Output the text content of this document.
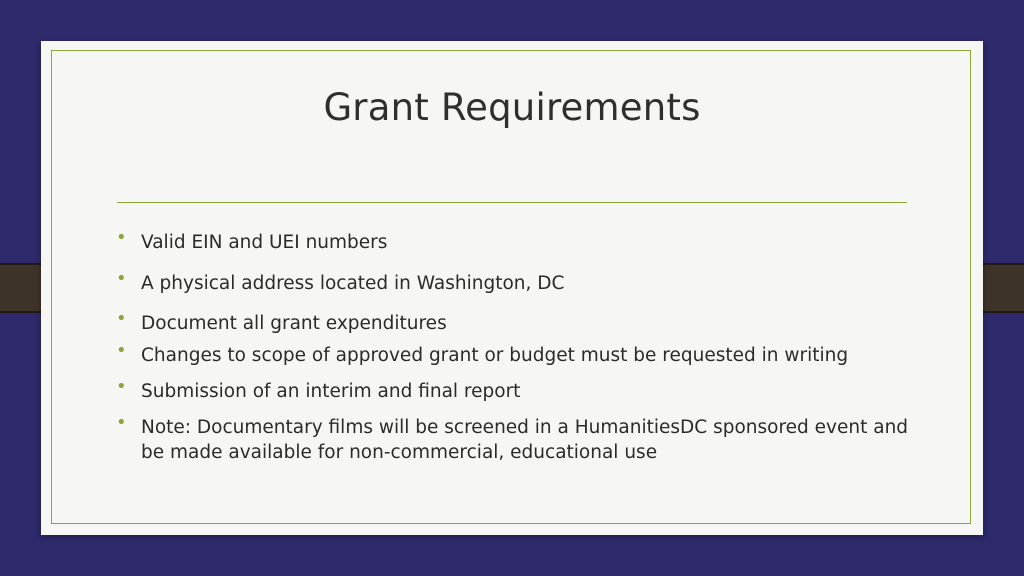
Grant Requirements
• Valid EIN and UEI numbers
• A physical address located in Washington, DC
• Document all grant expenditures
• Changes to scope of approved grant or budget must be requested in writing
• Submission of an interim and final report
• Note: Documentary films will be screened in a HumanitiesDC sponsored event and be made available for non-commercial, educational use
